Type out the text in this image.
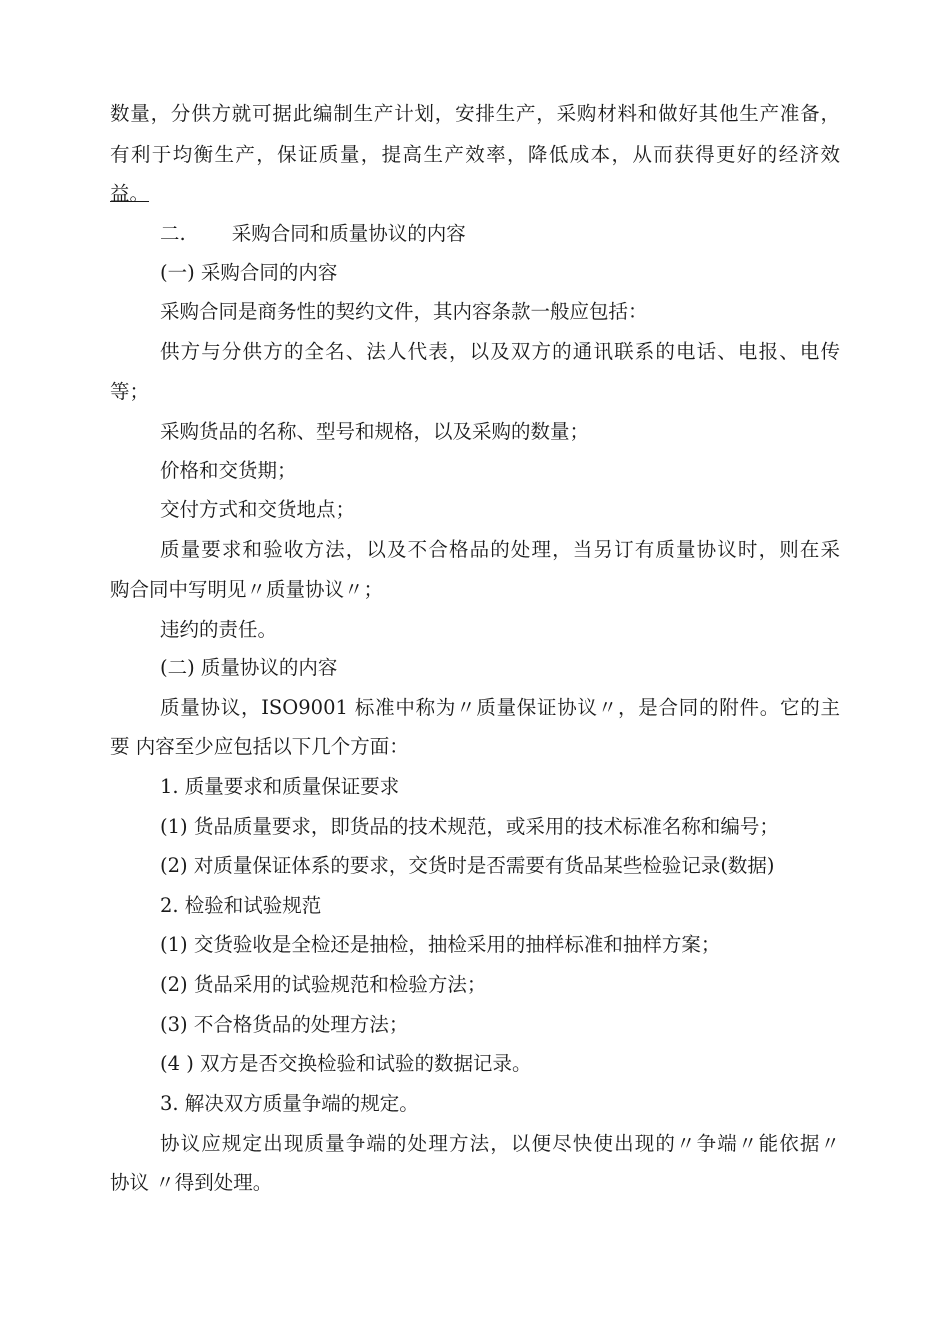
数量，分供方就可据此编制生产计划，安排生产，采购材料和做好其他生产准备，
有利于均衡生产，保证质量，提高生产效率，降低成本，从而获得更好的经济效
益。
二. 采购合同和质量协议的内容
(一) 采购合同的内容
采购合同是商务性的契约文件，其内容条款一般应包括：
供方与分供方的全名、法人代表，以及双方的通讯联系的电话、电报、电传
等；
采购货品的名称、型号和规格，以及采购的数量；
价格和交货期；
交付方式和交货地点；
质量要求和验收方法，以及不合格品的处理，当另订有质量协议时，则在采
购合同中写明见〃质量协议〃；
违约的责任。
(二) 质量协议的内容
质量协议，ISO9001 标准中称为〃质量保证协议〃，是合同的附件。它的主
要 内容至少应包括以下几个方面：
1. 质量要求和质量保证要求
(1) 货品质量要求，即货品的技术规范，或采用的技术标准名称和编号；
(2) 对质量保证体系的要求，交货时是否需要有货品某些检验记录(数据)
2. 检验和试验规范
(1) 交货验收是全检还是抽检，抽检采用的抽样标准和抽样方案；
(2) 货品采用的试验规范和检验方法；
(3) 不合格货品的处理方法；
(4 ) 双方是否交换检验和试验的数据记录。
3. 解决双方质量争端的规定。
协议应规定出现质量争端的处理方法，以便尽快使出现的〃争端〃能依据〃
协议 〃得到处理。
